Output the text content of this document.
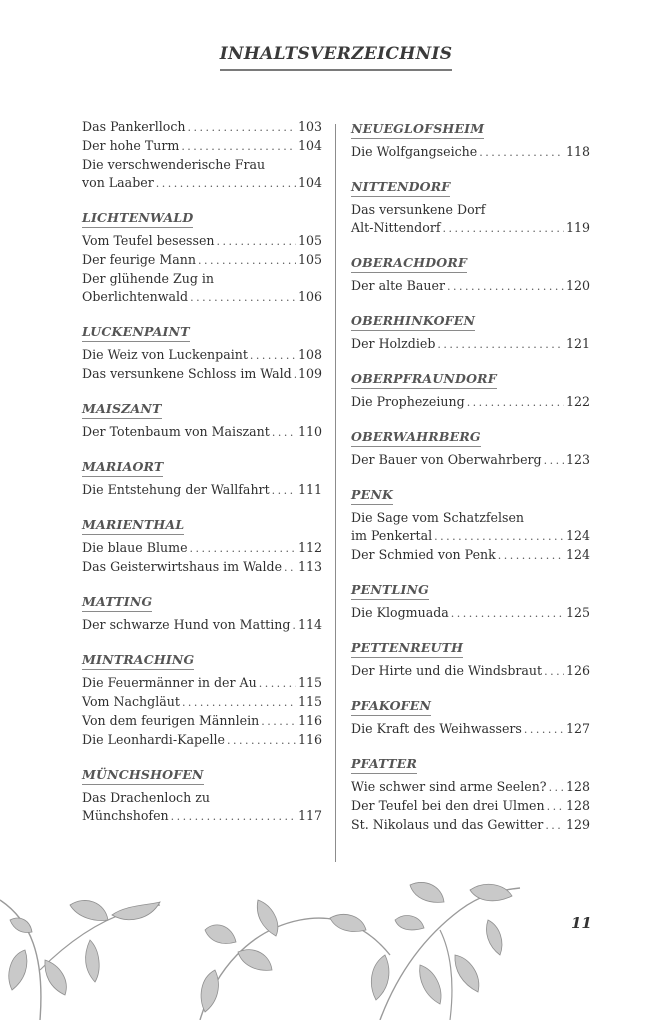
INHALTSVERZEICHNIS
Das Pankerlloch . . .	103
Der hohe Turm . . .	104
Die verschwenderische Frau
von Laaber . . .	104
LICHTENWALD
Vom Teufel besessen . . .	105
Der feurige Mann . . .	105
Der glühende Zug in
Oberlichtenwald . . .	106
LUCKENPAINT
Die Weiz von Luckenpaint . . .	108
Das versunkene Schloss im Wald . . . 109
MAISZANT
Der Totenbaum von Maiszant . . . 110
MARIAORT
Die Entstehung der Wallfahrt . . . 111
MARIENTHAL
Die blaue Blume . . .	112
Das Geisterwirtshaus im Walde . . . 113
MATTING
Der schwarze Hund von Matting . . . 114
MINTRACHING
Die Feuermänner in der Au . . .	115
Vom Nachgläut . . .	115
Von dem feurigen Männlein . . .	116
Die Leonhardi-Kapelle . . .	116
MÜNCHSHOFEN
Das Drachenloch zu
Münchshofen . . .	117
NEUEGLOFSHEIM
Die Wolfgangseiche . . .	118
NITTENDORF
Das versunkene Dorf
Alt-Nittendorf . . .	119
OBERACHDORF
Der alte Bauer . . .	120
OBERHINKOFEN
Der Holzdieb . . .	121
OBERPFRAUNDORF
Die Prophezeiung . . .	122
OBERWAHRBERG
Der Bauer von Oberwahrberg . . . 123
PENK
Die Sage vom Schatzfelsen
im Penkertal . . .	124
Der Schmied von Penk . . .	124
PENTLING
Die Klogmuada . . .	125
PETTENREUTH
Der Hirte und die Windsbraut . . . 126
PFAKOFEN
Die Kraft des Weihwassers . . .	127
PFATTER
Wie schwer sind arme Seelen? . . . 128
Der Teufel bei den drei Ulmen . . . 128
St. Nikolaus und das Gewitter . . . 129
11
